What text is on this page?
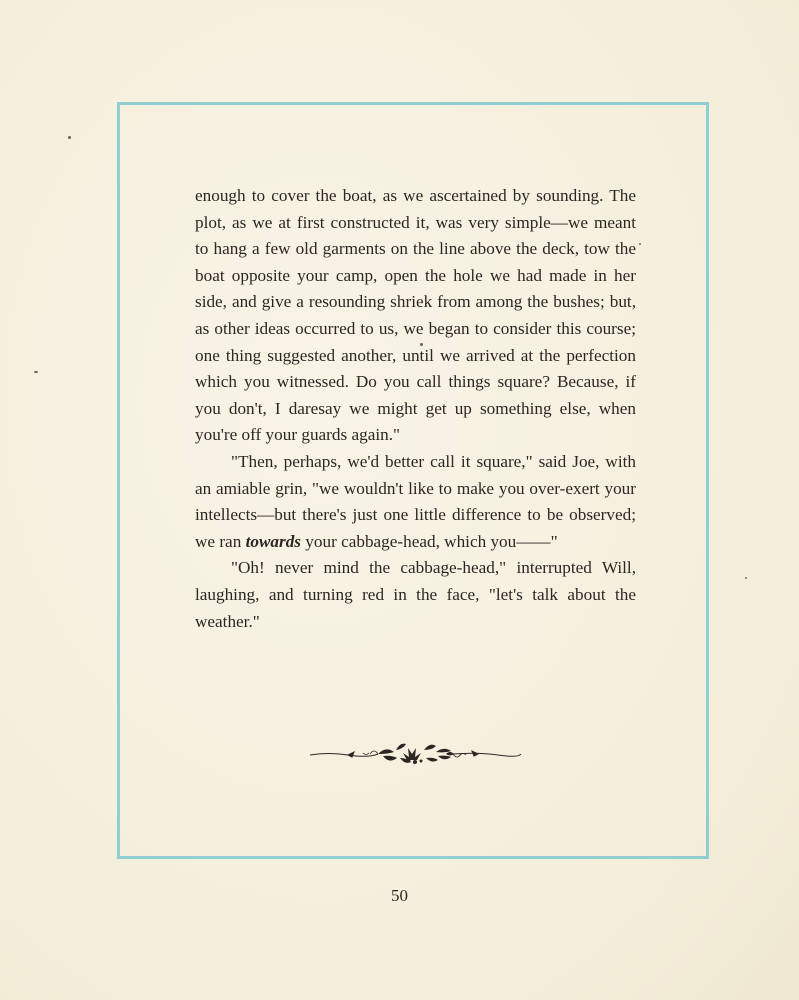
enough to cover the boat, as we ascertained by sounding. The plot, as we at first constructed it, was very simple—we meant to hang a few old garments on the line above the deck, tow the boat opposite your camp, open the hole we had made in her side, and give a resounding shriek from among the bushes; but, as other ideas occurred to us, we began to consider this course; one thing suggested another, until we arrived at the perfection which you witnessed. Do you call things square? Because, if you don't, I daresay we might get up something else, when you're off your guards again."

"Then, perhaps, we'd better call it square," said Joe, with an amiable grin, "we wouldn't like to make you over-exert your intellects—but there's just one little difference to be observed; we ran towards your cabbage-head, which you——"

"Oh! never mind the cabbage-head," interrupted Will, laughing, and turning red in the face, "let's talk about the weather."

50
